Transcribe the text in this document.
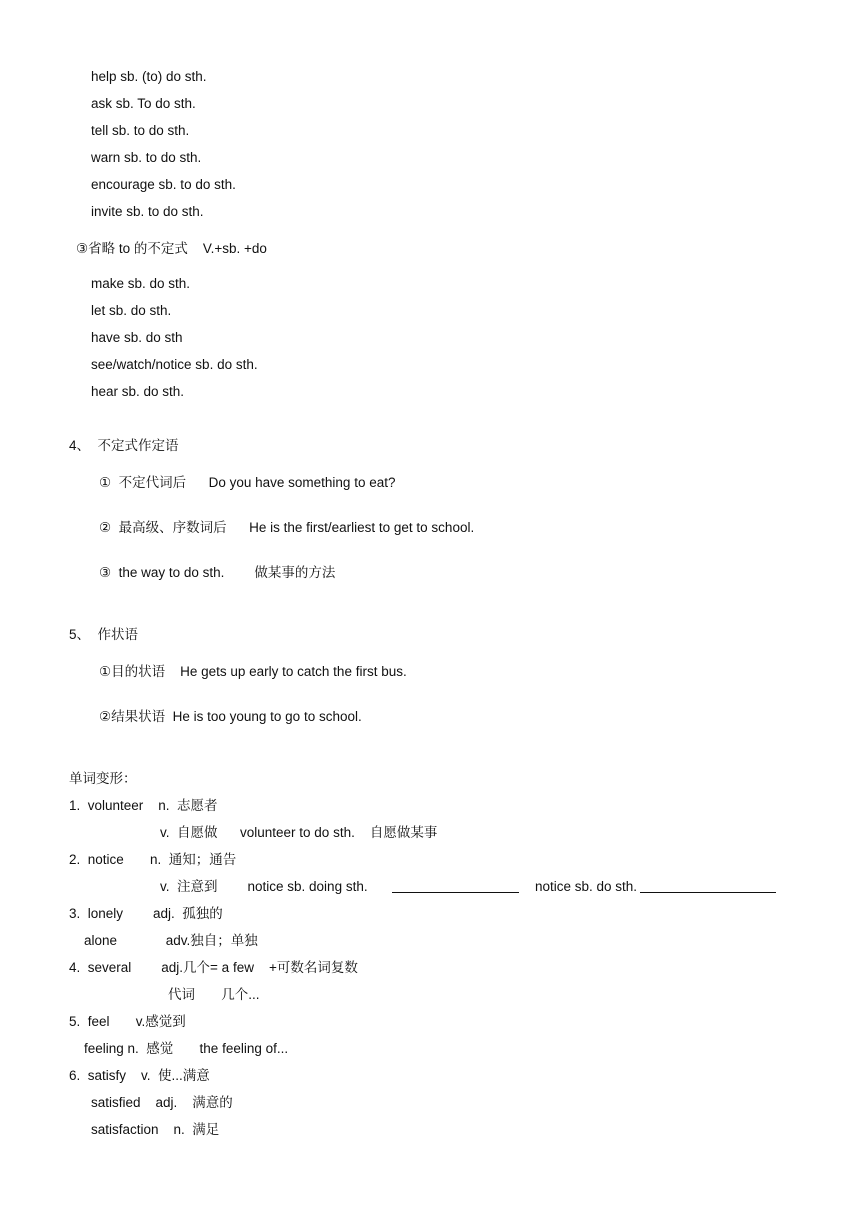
help sb. (to) do sth.
ask sb. To do sth.
tell sb. to do sth.
warn sb. to do sth.
encourage sb. to do sth.
invite sb. to do sth.
③省略 to 的不定式    V.+sb. +do
make sb. do sth.
let sb. do sth.
have sb. do sth
see/watch/notice sb. do sth.
hear sb. do sth.
4、  不定式作定语
①  不定代词后      Do you have something to eat?
②  最高级、序数词后      He is the first/earliest to get to school.
③  the way to do sth.        做某事的方法
5、  作状语
①目的状语    He gets up early to catch the first bus.
②结果状语  He is too young to go to school.
单词变形：
1.  volunteer    n.  志愿者
v.  自愿做      volunteer to do sth.    自愿做某事
2.  notice       n.  通知；通告
v.  注意到        notice sb. doing sth.	notice sb. do sth.
3.  lonely        adj.  孤独的
alone             adv.独自；单独
4.  several        adj.几个= a few    +可数名词复数
代词       几个...
5.  feel       v.感觉到
feeling n.  感觉       the feeling of...
6.  satisfy    v.  使...满意
satisfied    adj.    满意的
satisfaction    n.  满足
